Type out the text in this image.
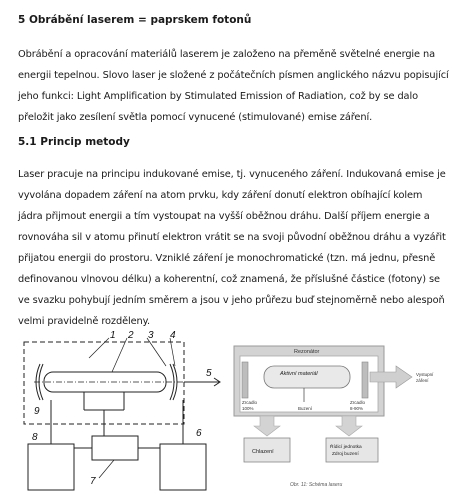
5 Obrábění laserem = paprskem fotonů
Obrábění a opracování materiálů laserem je založeno na přeměně světelné energie na
energii tepelnou. Slovo laser je složené z počátečních písmen anglického názvu popisující
jeho funkci: Light Amplification by Stimulated Emission of Radiation, což by se dalo
přeložit jako zesílení světla pomocí vynucené (stimulované) emise záření.
5.1 Princip metody
Laser pracuje na principu indukované emise, tj. vynuceného záření. Indukovaná emise je
vyvolána dopadem záření na atom prvku, kdy záření donutí elektron obíhající kolem
jádra přijmout energii a tím vystoupat na vyšší oběžnou dráhu. Další příjem energie a
rovnováha sil v atomu přinutí elektron vrátit se na svoji původní oběžnou dráhu a vyzářit
přijatou energii do prostoru. Vzniklé záření je monochromatické (tzn. má jednu, přesně
definovanou vlnovou délku) a koherentní, což znamená, že příslušné částice (fotony) se
ve svazku pohybují jedním směrem a jsou v jeho průřezu buď stejnoměrně nebo alespoň
velmi pravidelně rozděleny.
1 2 3 4
5
6
7
8
9
Rezonátor
Aktivní materiál
Zrcadlo
100%
Zrcadlo
8-90%
Buzení
Vystupní
záření
Chlazení
Řídicí jednotka
Zdroj buzení
Obr. 11: Schéma laseru
